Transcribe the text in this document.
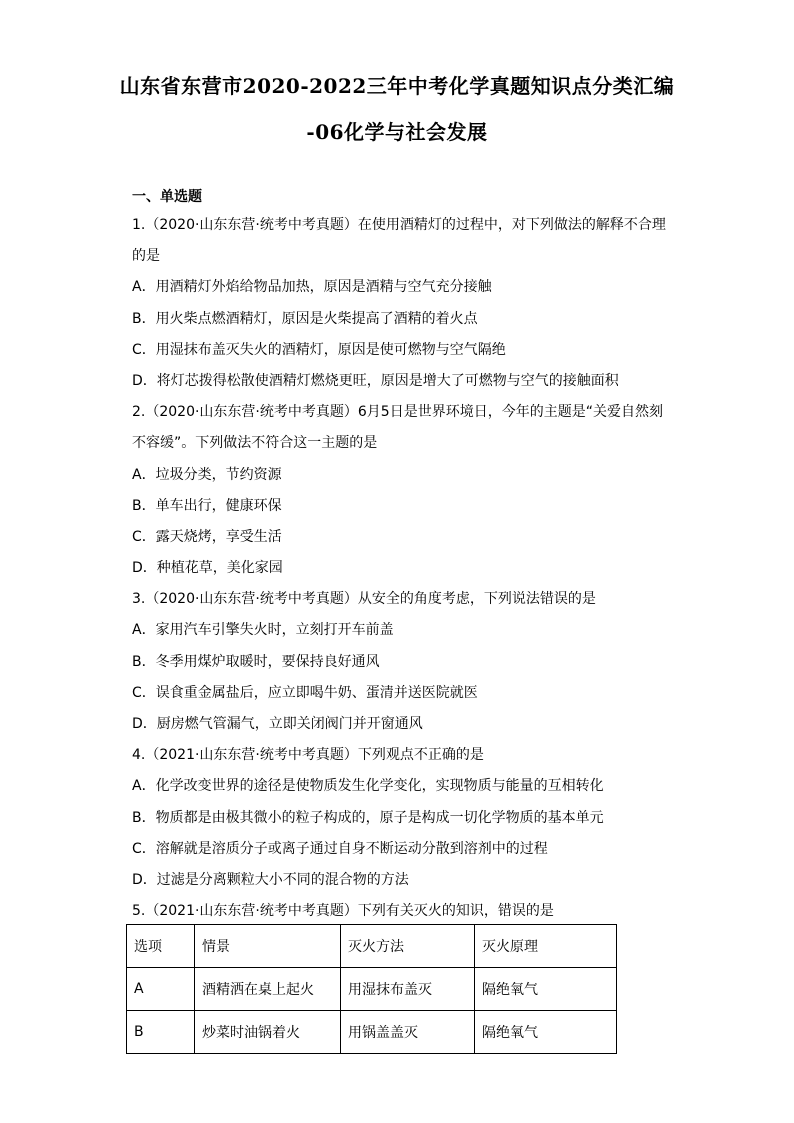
山东省东营市2020-2022三年中考化学真题知识点分类汇编
-06化学与社会发展
一、单选题
1.（2020·山东东营·统考中考真题）在使用酒精灯的过程中，对下列做法的解释不合理
的是
A．用酒精灯外焰给物品加热，原因是酒精与空气充分接触
B．用火柴点燃酒精灯，原因是火柴提高了酒精的着火点
C．用湿抹布盖灭失火的酒精灯，原因是使可燃物与空气隔绝
D．将灯芯拨得松散使酒精灯燃烧更旺，原因是增大了可燃物与空气的接触面积
2.（2020·山东东营·统考中考真题）6月5日是世界环境日，今年的主题是“关爱自然刻
不容缓”。下列做法不符合这一主题的是
A．垃圾分类，节约资源
B．单车出行，健康环保
C．露天烧烤，享受生活
D．种植花草，美化家园
3.（2020·山东东营·统考中考真题）从安全的角度考虑，下列说法错误的是
A．家用汽车引擎失火时，立刻打开车前盖
B．冬季用煤炉取暖时，要保持良好通风
C．误食重金属盐后，应立即喝牛奶、蛋清并送医院就医
D．厨房燃气管漏气，立即关闭阀门并开窗通风
4.（2021·山东东营·统考中考真题）下列观点不正确的是
A．化学改变世界的途径是使物质发生化学变化，实现物质与能量的互相转化
B．物质都是由极其微小的粒子构成的，原子是构成一切化学物质的基本单元
C．溶解就是溶质分子或离子通过自身不断运动分散到溶剂中的过程
D．过滤是分离颗粒大小不同的混合物的方法
5.（2021·山东东营·统考中考真题）下列有关灭火的知识，错误的是
选项	情景	灭火方法	灭火原理
A	酒精洒在桌上起火	用湿抹布盖灭	隔绝氧气
B	炒菜时油锅着火	用锅盖盖灭	隔绝氧气
